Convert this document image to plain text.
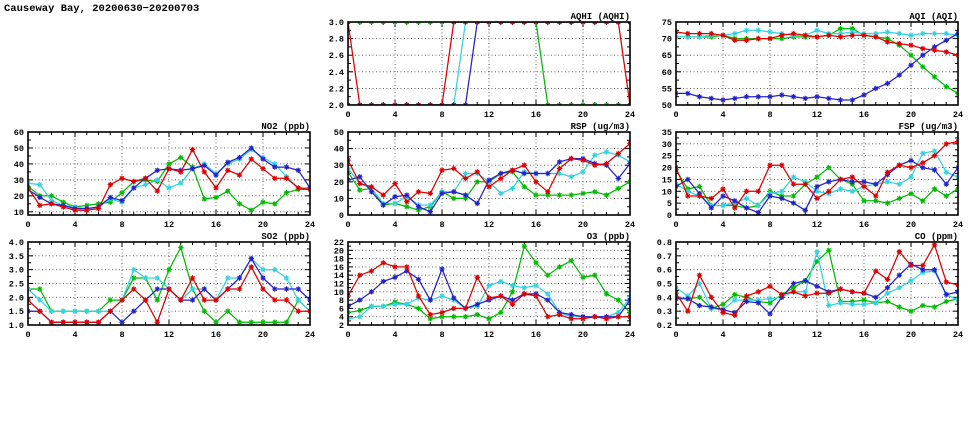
Causeway Bay, 20200630−20200703
0	4	8	12	16	20	24
2.0
2.2
2.4
2.6
2.8
3.0
AQHI (AQHI)
0	4	8	12	16	20	24
50
55
60
65
70
75
AQI (AQI)
0	4	8	12	16	20	24
10
20
30
40
50
60
NO2 (ppb)
0	4	8	12	16	20	24
0
10
20
30
40
50
RSP (ug/m3)
0	4	8	12	16	20	24
0
5
10
15
20
25
30
35
FSP (ug/m3)
0	4	8	12	16	20	24
1.0
1.5
2.0
2.5
3.0
3.5
4.0
SO2 (ppb)
0	4	8	12	16	20	24
2
4
6
8
10
12
14
16
18
20
22
O3 (ppb)
0	4	8	12	16	20	24
0.2
0.3
0.4
0.5
0.6
0.7
0.8
CO (ppm)
